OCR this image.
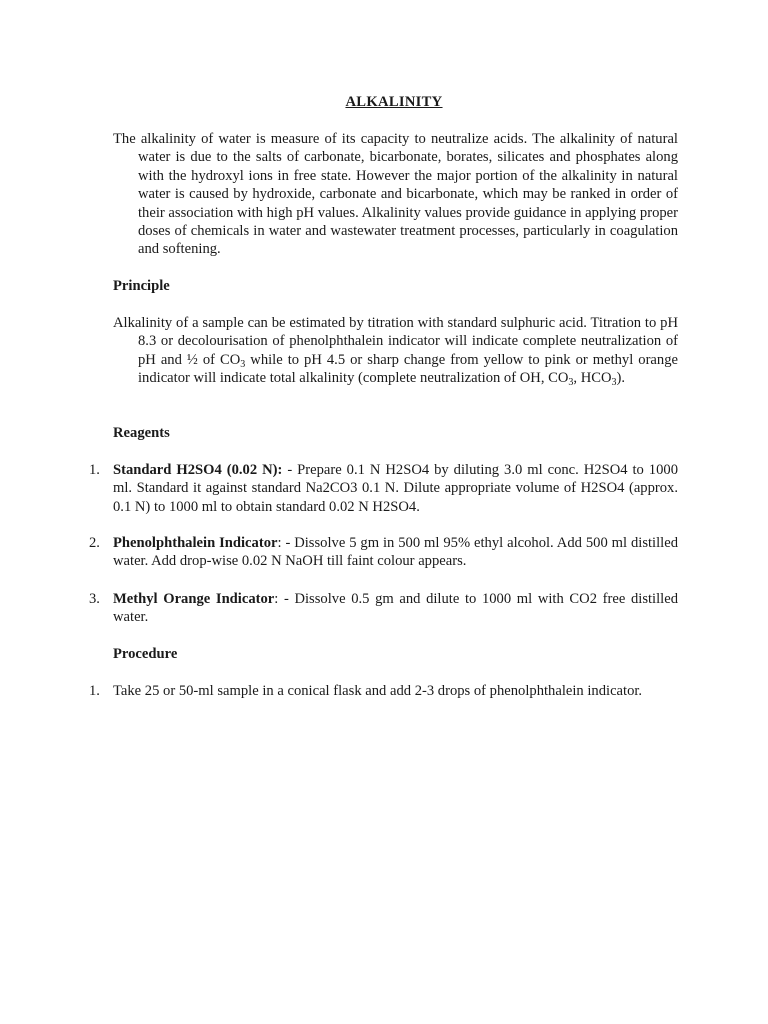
ALKALINITY
The alkalinity of water is measure of its capacity to neutralize acids. The alkalinity of natural water is due to the salts of carbonate, bicarbonate, borates, silicates and phosphates along with the hydroxyl ions in free state. However the major portion of the alkalinity in natural water is caused by hydroxide, carbonate and bicarbonate, which may be ranked in order of their association with high pH values. Alkalinity values provide guidance in applying proper doses of chemicals in water and wastewater treatment processes, particularly in coagulation and softening.
Principle
Alkalinity of a sample can be estimated by titration with standard sulphuric acid. Titration to pH 8.3 or decolourisation of phenolphthalein indicator will indicate complete neutralization of pH and ½ of $CO_3$ while to pH 4.5 or sharp change from yellow to pink or methyl orange indicator will indicate total alkalinity (complete neutralization of OH, $CO_3$, $HCO_3$).
Reagents
1. Standard H2SO4 (0.02 N): - Prepare 0.1 N H2SO4 by diluting 3.0 ml conc. H2SO4 to 1000 ml. Standard it against standard Na2CO3 0.1 N. Dilute appropriate volume of H2SO4 (approx. 0.1 N) to 1000 ml to obtain standard 0.02 N H2SO4.
2. Phenolphthalein Indicator: - Dissolve 5 gm in 500 ml 95% ethyl alcohol. Add 500 ml distilled water. Add drop-wise 0.02 N NaOH till faint colour appears.
3. Methyl Orange Indicator: - Dissolve 0.5 gm and dilute to 1000 ml with CO2 free distilled water.
Procedure
1. Take 25 or 50-ml sample in a conical flask and add 2-3 drops of phenolphthalein indicator.
